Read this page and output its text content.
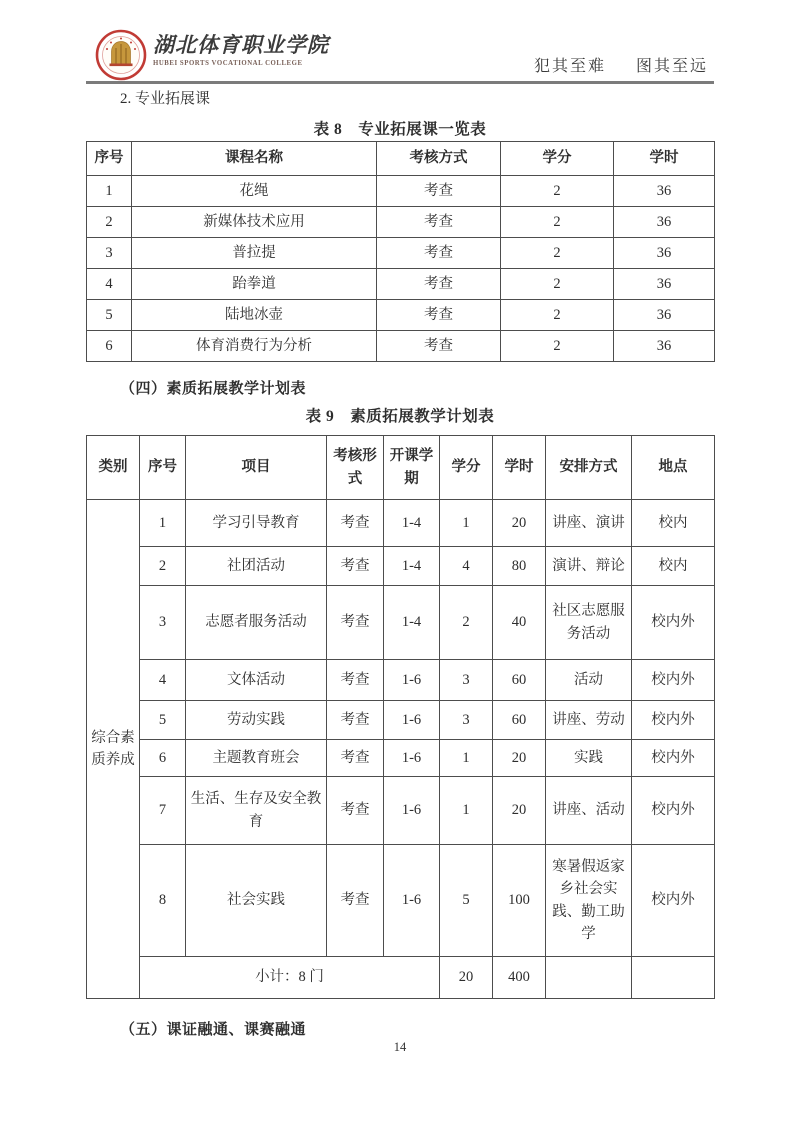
湖北体育职业学院
HUBEI SPORTS VOCATIONAL COLLEGE	犯其至难 图其至远
2. 专业拓展课
表 8　专业拓展课一览表
序号	课程名称	考核方式	学分	学时
1	花绳	考查	2	36
2	新媒体技术应用	考查	2	36
3	普拉提	考查	2	36
4	跆拳道	考查	2	36
5	陆地冰壶	考查	2	36
6	体育消费行为分析	考查	2	36
（四）素质拓展教学计划表
表 9　素质拓展教学计划表
类别	序号	项目	考核形式	开课学期	学分	学时	安排方式	地点
综合素质养成	1	学习引导教育	考查	1-4	1	20	讲座、演讲	校内
	2	社团活动	考查	1-4	4	80	演讲、辩论	校内
	3	志愿者服务活动	考查	1-4	2	40	社区志愿服务活动	校内外
	4	文体活动	考查	1-6	3	60	活动	校内外
	5	劳动实践	考查	1-6	3	60	讲座、劳动	校内外
	6	主题教育班会	考查	1-6	1	20	实践	校内外
	7	生活、生存及安全教育	考查	1-6	1	20	讲座、活动	校内外
	8	社会实践	考查	1-6	5	100	寒暑假返家乡社会实践、勤工助学	校内外
	小计：8 门				20	400		
（五）课证融通、课赛融通
14
